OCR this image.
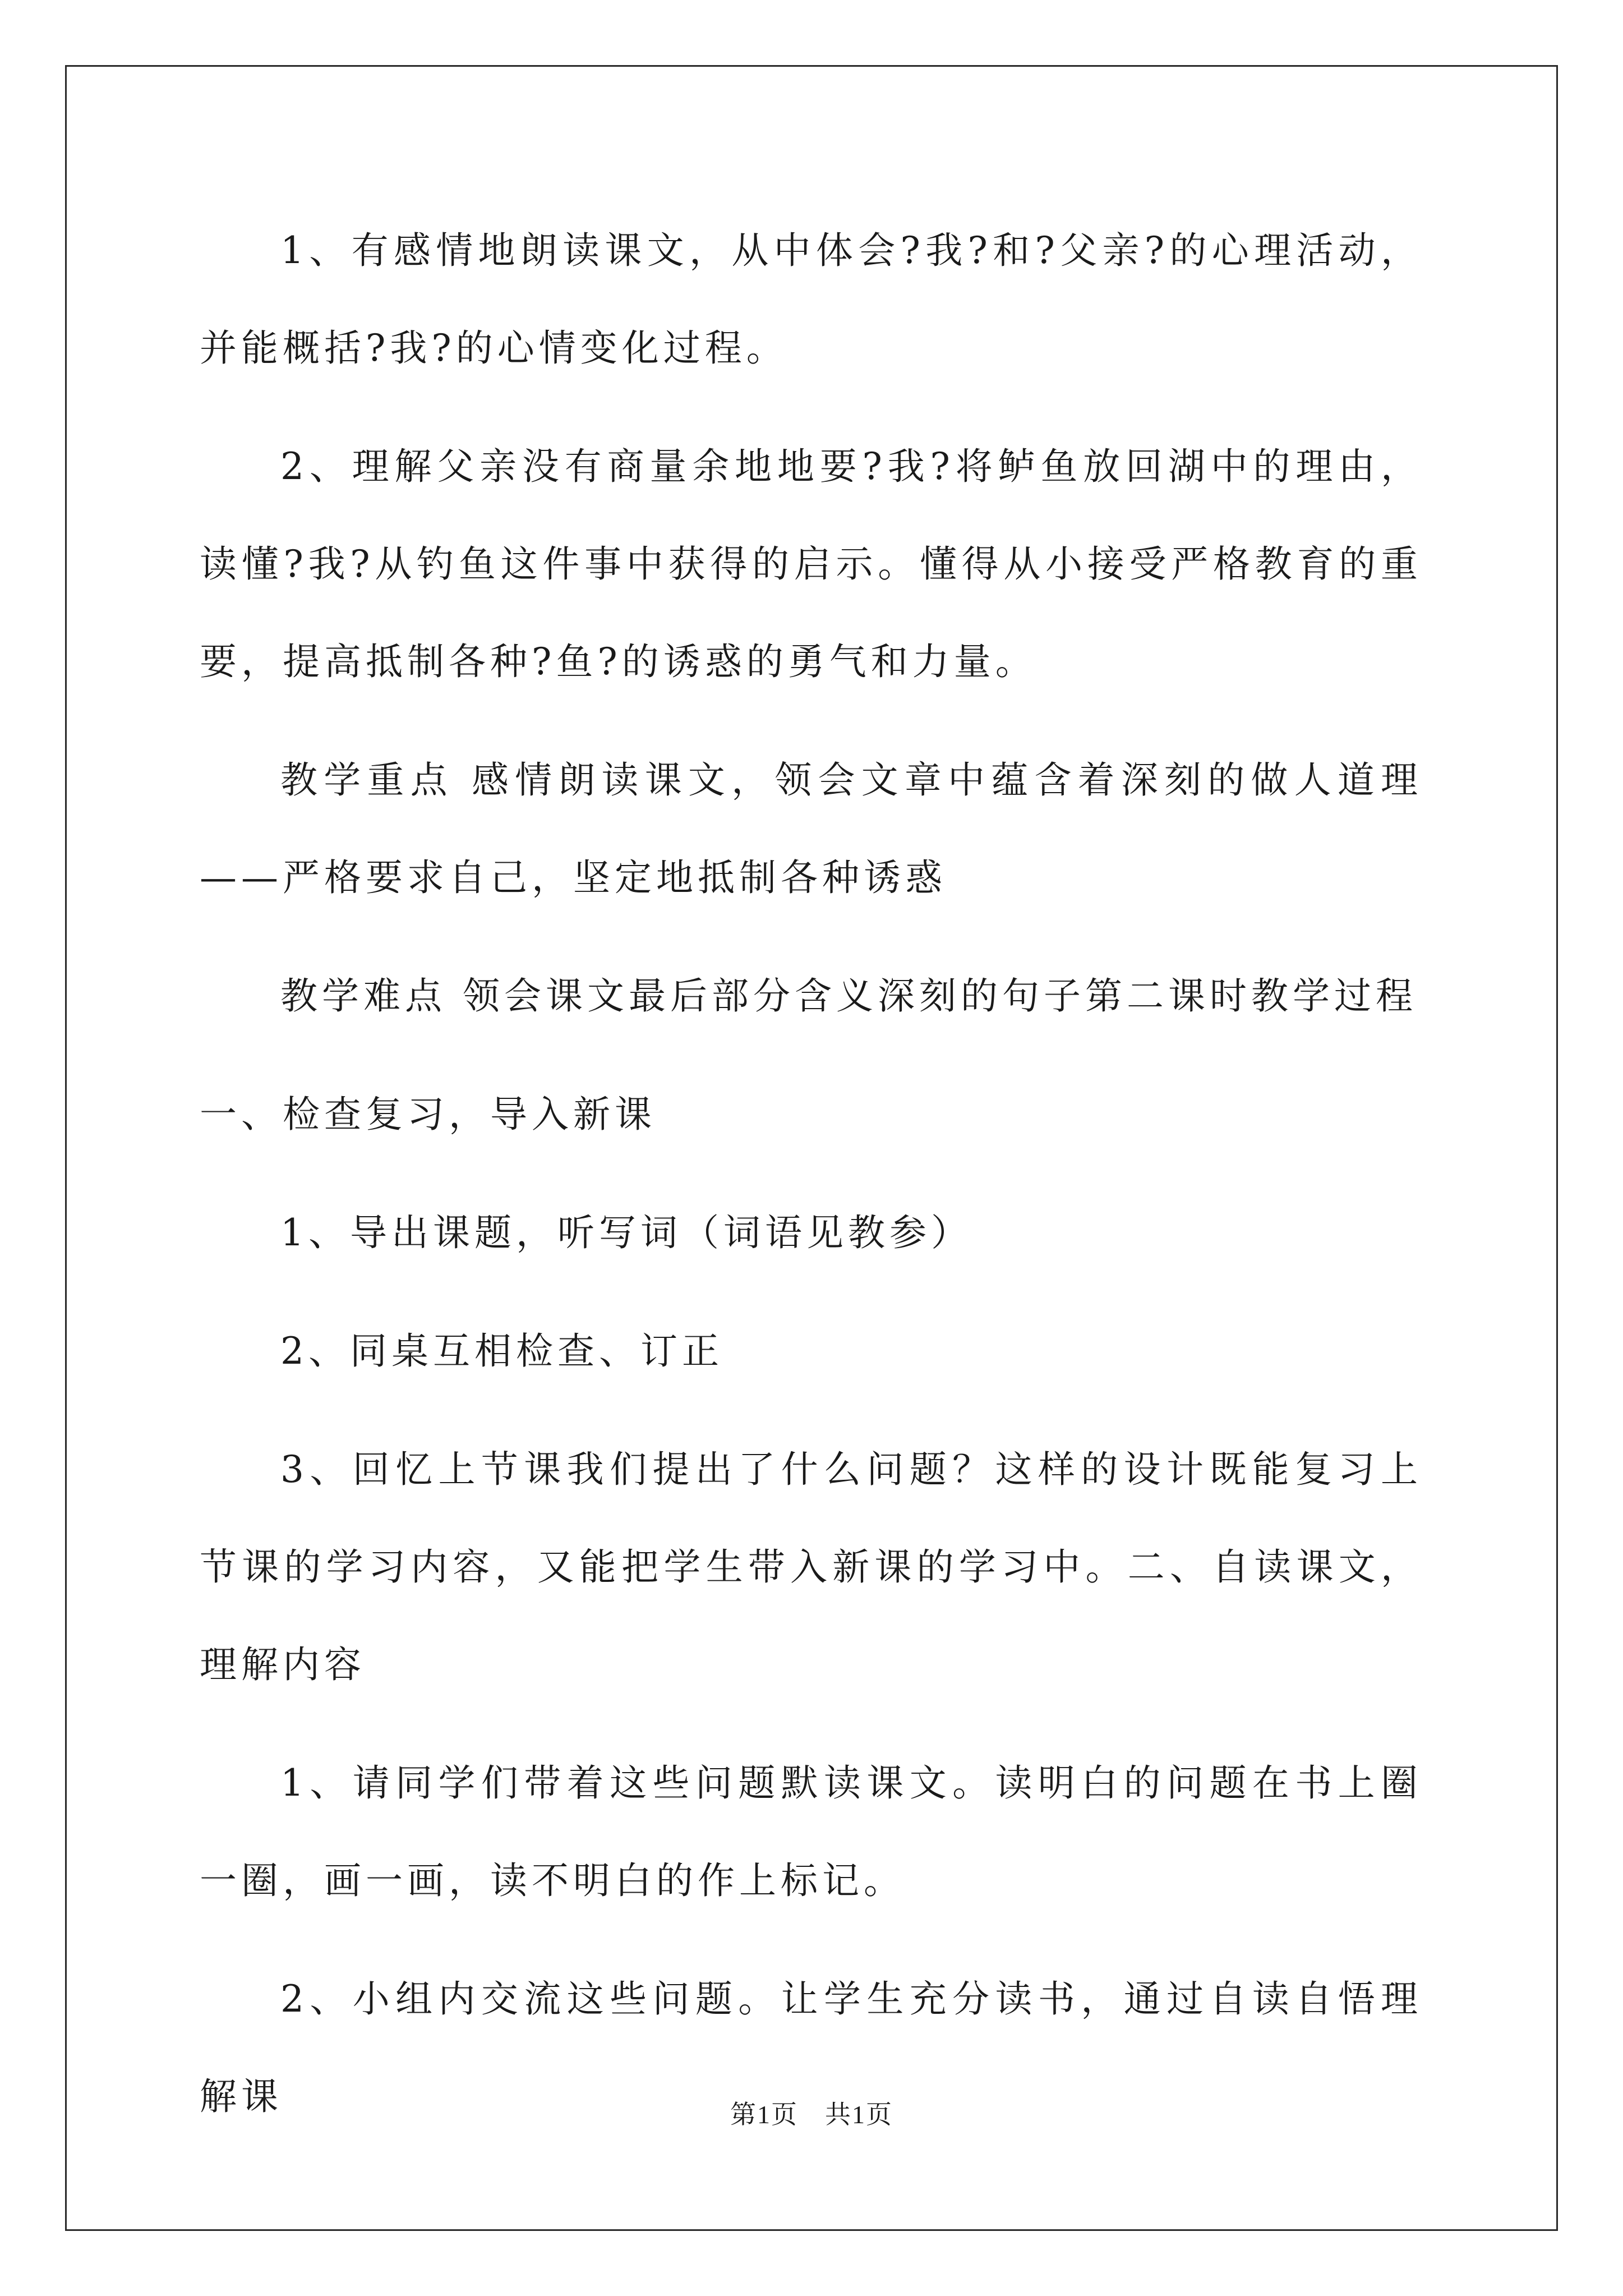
1、有感情地朗读课文，从中体会?我?和?父亲?的心理活动，并能概括?我?的心情变化过程。

2、理解父亲没有商量余地地要?我?将鲈鱼放回湖中的理由，读懂?我?从钓鱼这件事中获得的启示。懂得从小接受严格教育的重要，提高抵制各种?鱼?的诱惑的勇气和力量。

教学重点 感情朗读课文，领会文章中蕴含着深刻的做人道理——严格要求自己，坚定地抵制各种诱惑

教学难点 领会课文最后部分含义深刻的句子第二课时教学过程

一、检查复习，导入新课

1、导出课题，听写词（词语见教参）

2、同桌互相检查、订正

3、回忆上节课我们提出了什么问题？这样的设计既能复习上节课的学习内容，又能把学生带入新课的学习中。二、自读课文，理解内容

1、请同学们带着这些问题默读课文。读明白的问题在书上圈一圈，画一画，读不明白的作上标记。

2、小组内交流这些问题。让学生充分读书，通过自读自悟理解课	第1页　共1页
